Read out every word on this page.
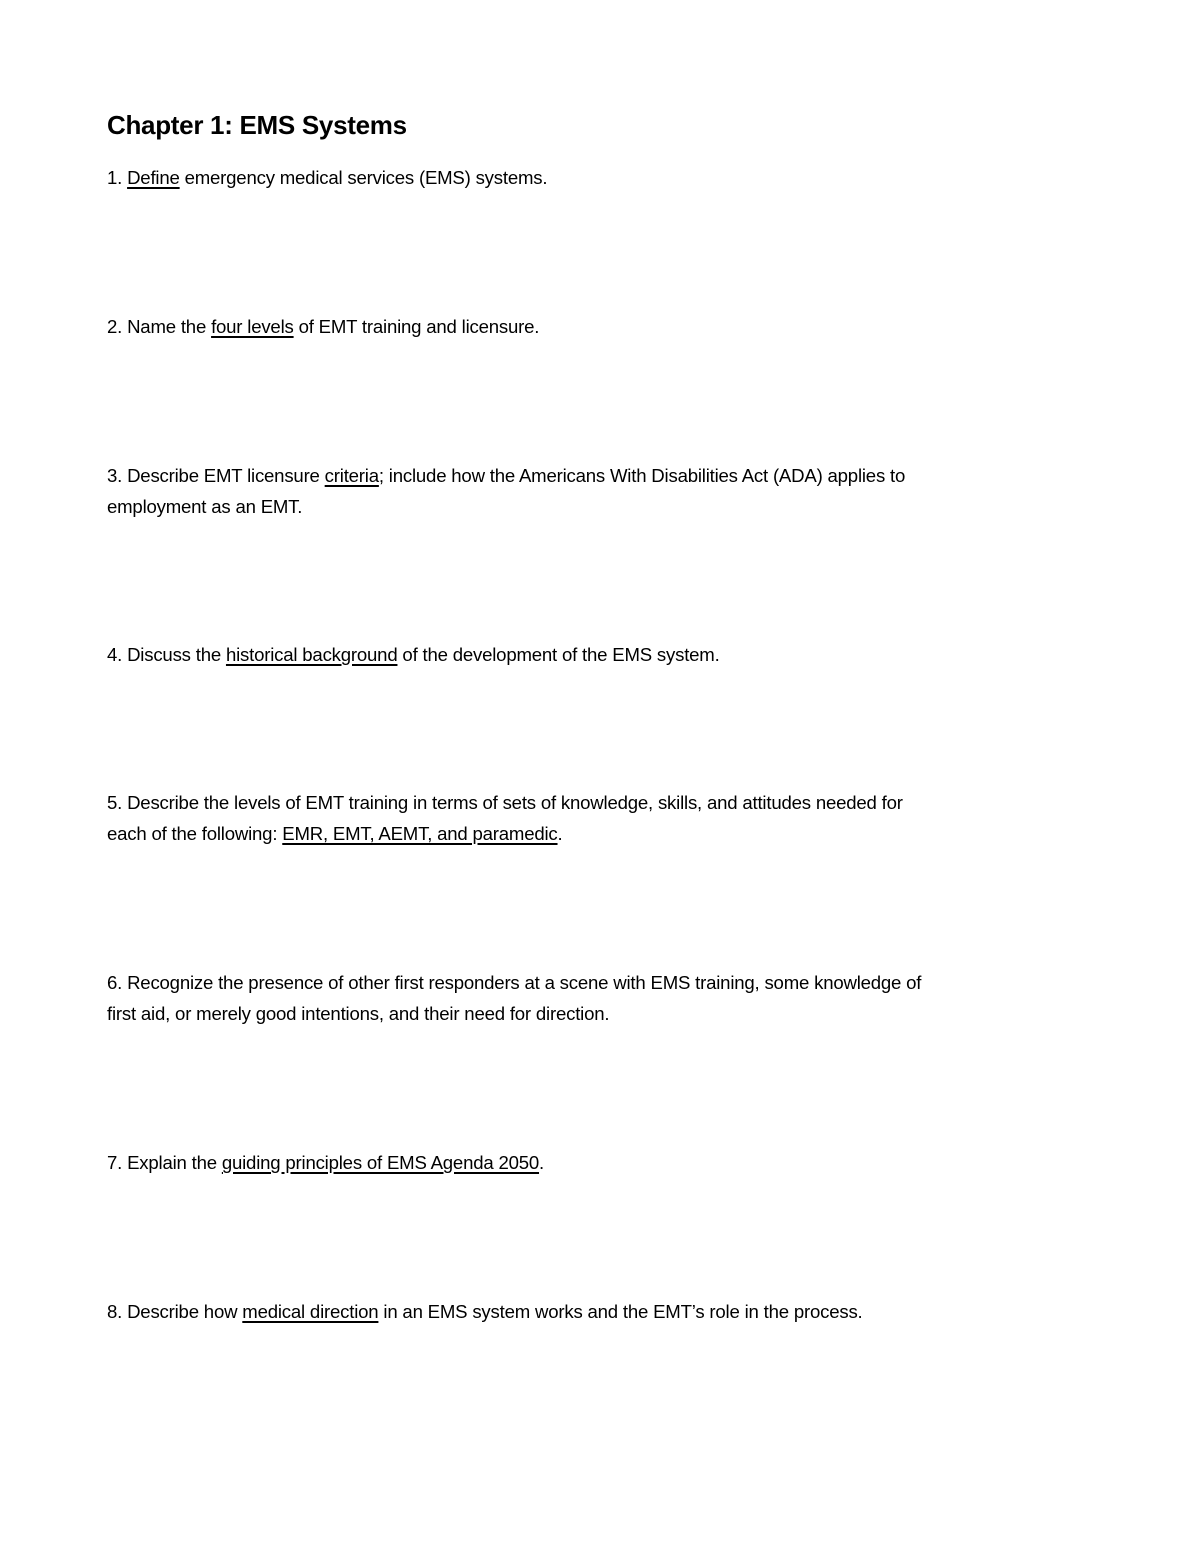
Chapter 1: EMS Systems
1. Define emergency medical services (EMS) systems.
2. Name the four levels of EMT training and licensure.
3. Describe EMT licensure criteria; include how the Americans With Disabilities Act (ADA) applies to
employment as an EMT.
4. Discuss the historical background of the development of the EMS system.
5. Describe the levels of EMT training in terms of sets of knowledge, skills, and attitudes needed for
each of the following: EMR, EMT, AEMT, and paramedic.
6. Recognize the presence of other first responders at a scene with EMS training, some knowledge of
first aid, or merely good intentions, and their need for direction.
7. Explain the guiding principles of EMS Agenda 2050.
8. Describe how medical direction in an EMS system works and the EMT’s role in the process.
